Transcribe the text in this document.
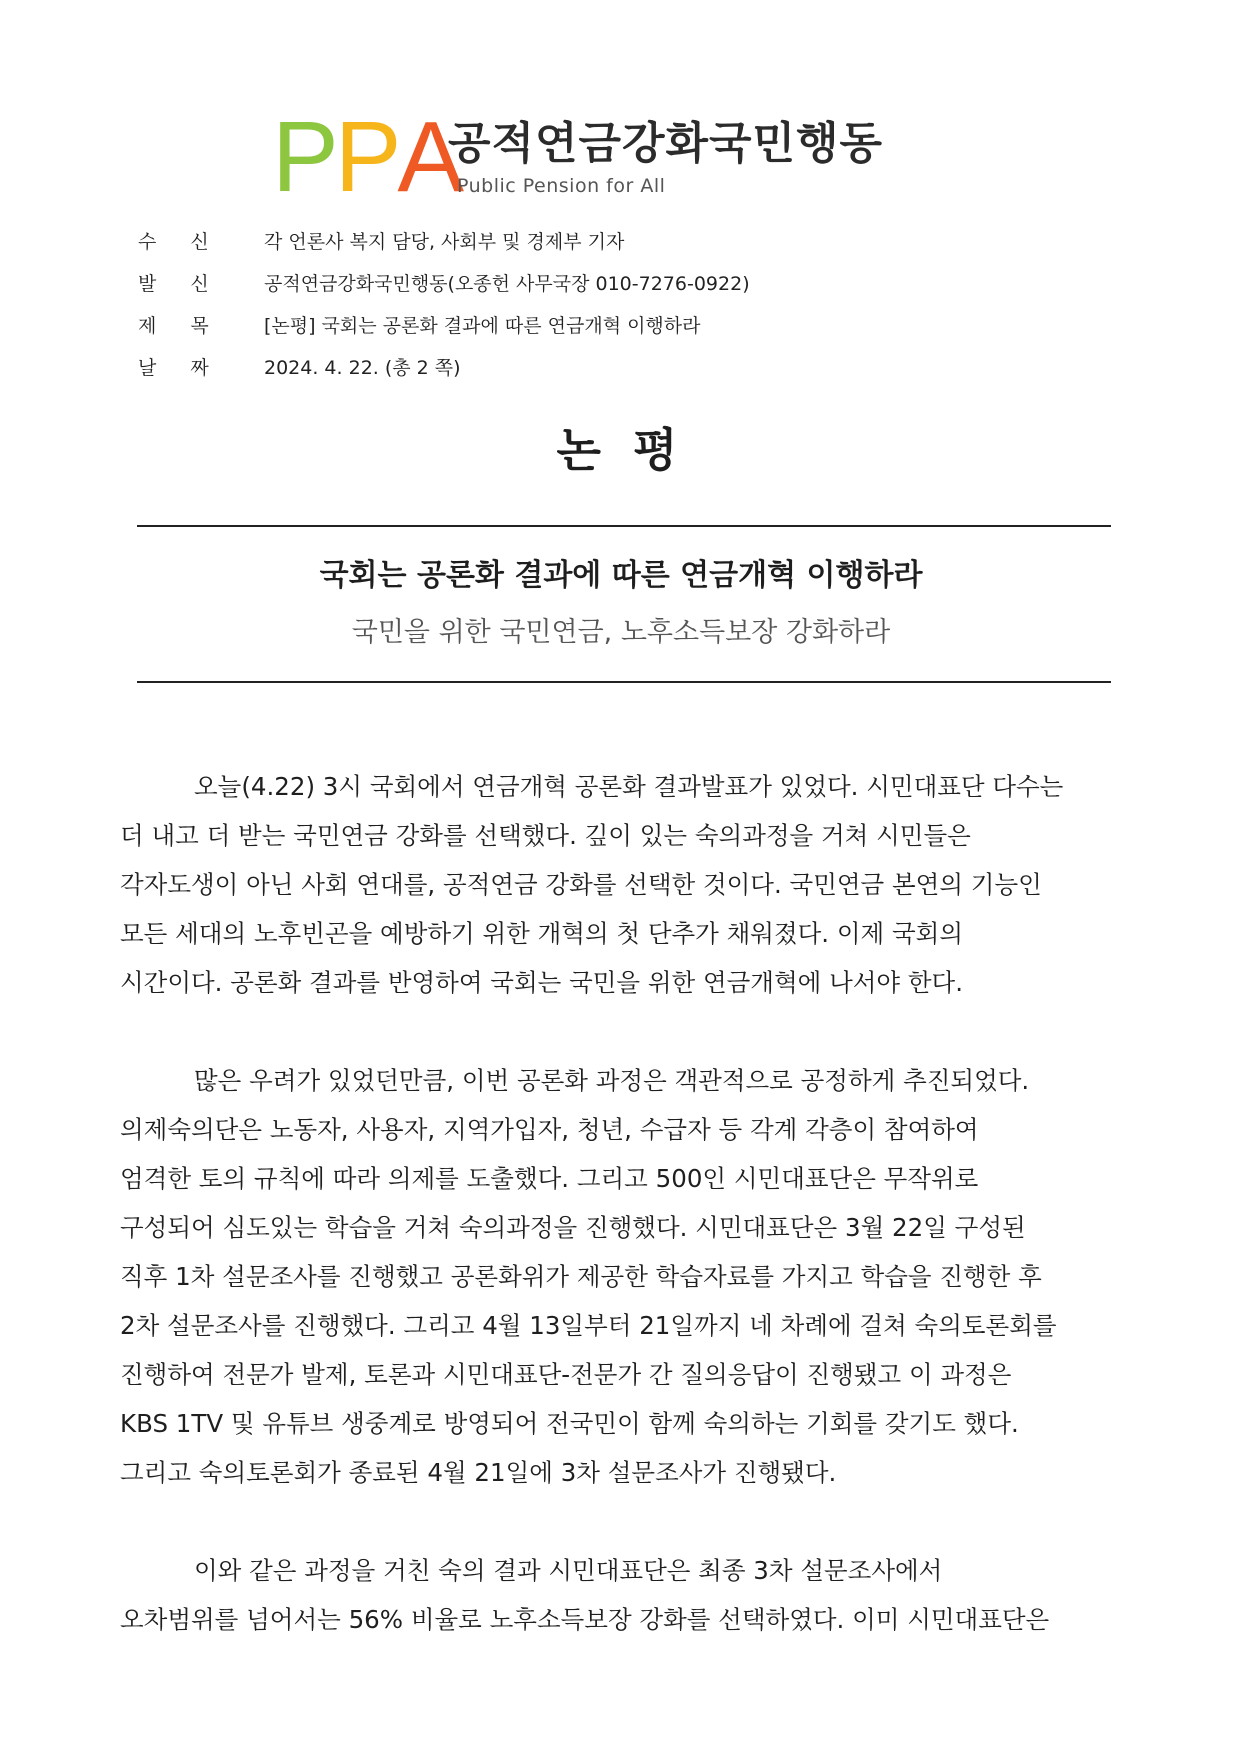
PPA
공적연금강화국민행동
Public Pension for All
수 신	각 언론사 복지 담당, 사회부 및 경제부 기자
발 신	공적연금강화국민행동(오종헌 사무국장 010-7276-0922)
제 목	[논평] 국회는 공론화 결과에 따른 연금개혁 이행하라
날 짜	2024. 4. 22. (총 2 쪽)
논 평
국회는 공론화 결과에 따른 연금개혁 이행하라
국민을 위한 국민연금, 노후소득보장 강화하라
오늘(4.22) 3시 국회에서 연금개혁 공론화 결과발표가 있었다. 시민대표단 다수는
더 내고 더 받는 국민연금 강화를 선택했다. 깊이 있는 숙의과정을 거쳐 시민들은
각자도생이 아닌 사회 연대를, 공적연금 강화를 선택한 것이다. 국민연금 본연의 기능인
모든 세대의 노후빈곤을 예방하기 위한 개혁의 첫 단추가 채워졌다. 이제 국회의
시간이다. 공론화 결과를 반영하여 국회는 국민을 위한 연금개혁에 나서야 한다.
많은 우려가 있었던만큼, 이번 공론화 과정은 객관적으로 공정하게 추진되었다.
의제숙의단은 노동자, 사용자, 지역가입자, 청년, 수급자 등 각계 각층이 참여하여
엄격한 토의 규칙에 따라 의제를 도출했다. 그리고 500인 시민대표단은 무작위로
구성되어 심도있는 학습을 거쳐 숙의과정을 진행했다. 시민대표단은 3월 22일 구성된
직후 1차 설문조사를 진행했고 공론화위가 제공한 학습자료를 가지고 학습을 진행한 후
2차 설문조사를 진행했다. 그리고 4월 13일부터 21일까지 네 차례에 걸쳐 숙의토론회를
진행하여 전문가 발제, 토론과 시민대표단-전문가 간 질의응답이 진행됐고 이 과정은
KBS 1TV 및 유튜브 생중계로 방영되어 전국민이 함께 숙의하는 기회를 갖기도 했다.
그리고 숙의토론회가 종료된 4월 21일에 3차 설문조사가 진행됐다.
이와 같은 과정을 거친 숙의 결과 시민대표단은 최종 3차 설문조사에서
오차범위를 넘어서는 56% 비율로 노후소득보장 강화를 선택하였다. 이미 시민대표단은
